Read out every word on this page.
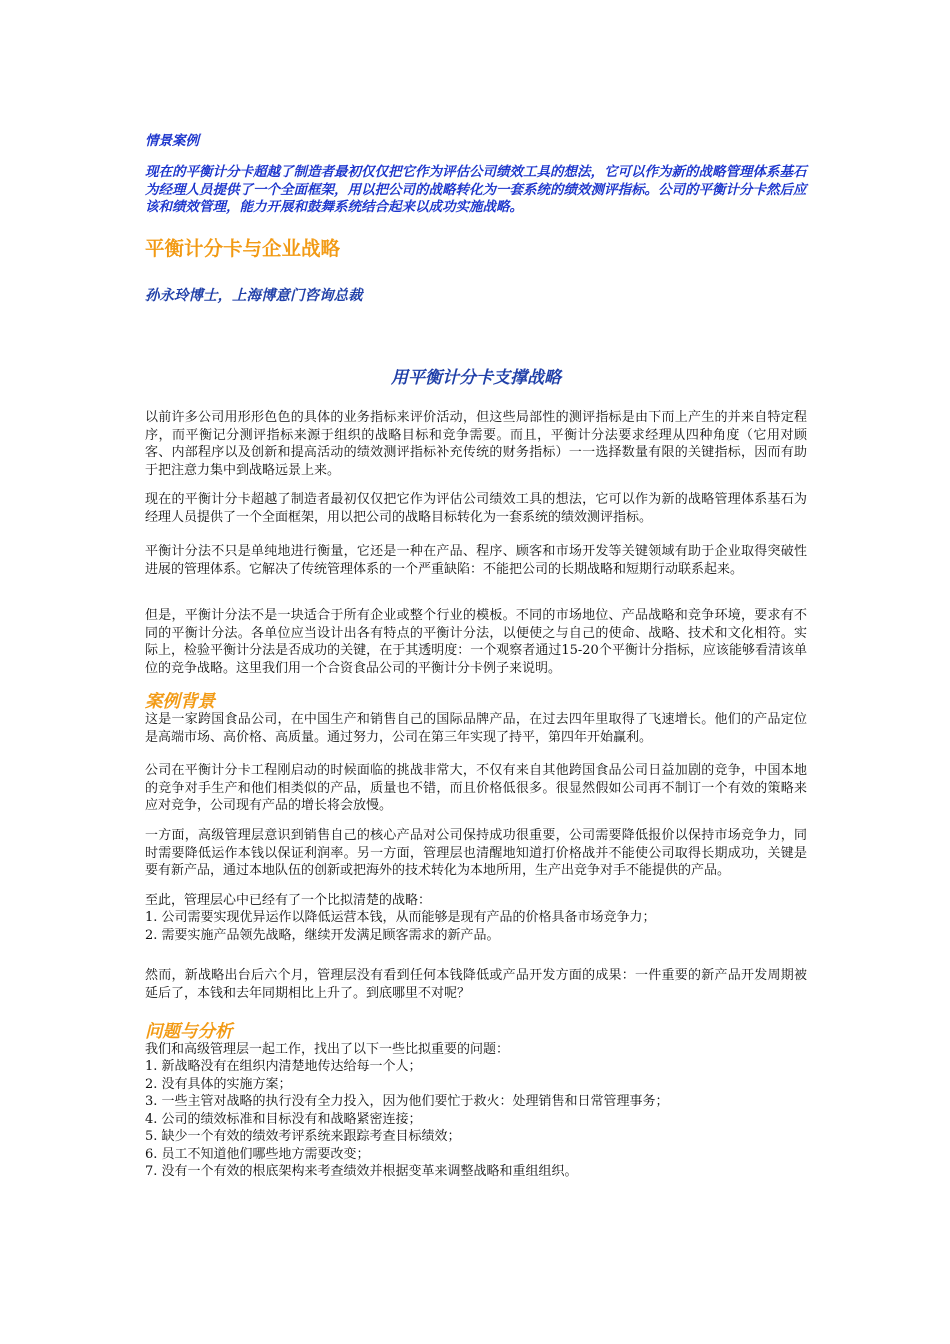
情景案例

现在的平衡计分卡超越了制造者最初仅仅把它作为评估公司绩效工具的想法，它可以作为新的战略管理体系基石为经理人员提供了一个全面框架，用以把公司的战略转化为一套系统的绩效测评指标。公司的平衡计分卡然后应该和绩效管理，能力开展和鼓舞系统结合起来以成功实施战略。

平衡计分卡与企业战略

孙永玲博士，上海博意门咨询总裁

用平衡计分卡支撑战略

以前许多公司用形形色色的具体的业务指标来评价活动，但这些局部性的测评指标是由下而上产生的并来自特定程序，而平衡记分测评指标来源于组织的战略目标和竞争需要。而且，平衡计分法要求经理从四种角度（它用对顾客、内部程序以及创新和提高活动的绩效测评指标补充传统的财务指标）一一选择数量有限的关键指标，因而有助于把注意力集中到战略远景上来。

现在的平衡计分卡超越了制造者最初仅仅把它作为评估公司绩效工具的想法，它可以作为新的战略管理体系基石为经理人员提供了一个全面框架，用以把公司的战略目标转化为一套系统的绩效测评指标。

平衡计分法不只是单纯地进行衡量，它还是一种在产品、程序、顾客和市场开发等关键领域有助于企业取得突破性进展的管理体系。它解决了传统管理体系的一个严重缺陷：不能把公司的长期战略和短期行动联系起来。

但是，平衡计分法不是一块适合于所有企业或整个行业的模板。不同的市场地位、产品战略和竞争环境，要求有不同的平衡计分法。各单位应当设计出各有特点的平衡计分法，以便使之与自己的使命、战略、技术和文化相符。实际上，检验平衡计分法是否成功的关键，在于其透明度：一个观察者通过15-20个平衡计分指标，应该能够看清该单位的竞争战略。这里我们用一个合资食品公司的平衡计分卡例子来说明。

案例背景

这是一家跨国食品公司，在中国生产和销售自己的国际品牌产品，在过去四年里取得了飞速增长。他们的产品定位是高端市场、高价格、高质量。通过努力，公司在第三年实现了持平，第四年开始赢利。

公司在平衡计分卡工程刚启动的时候面临的挑战非常大，不仅有来自其他跨国食品公司日益加剧的竞争，中国本地的竞争对手生产和他们相类似的产品，质量也不错，而且价格低很多。很显然假如公司再不制订一个有效的策略来应对竞争，公司现有产品的增长将会放慢。

一方面，高级管理层意识到销售自己的核心产品对公司保持成功很重要，公司需要降低报价以保持市场竞争力，同时需要降低运作本钱以保证利润率。另一方面，管理层也清醒地知道打价格战并不能使公司取得长期成功，关键是要有新产品，通过本地队伍的创新或把海外的技术转化为本地所用，生产出竞争对手不能提供的产品。

至此，管理层心中已经有了一个比拟清楚的战略：

1. 公司需要实现优异运作以降低运营本钱，从而能够是现有产品的价格具备市场竞争力；

2. 需要实施产品领先战略，继续开发满足顾客需求的新产品。

然而，新战略出台后六个月，管理层没有看到任何本钱降低或产品开发方面的成果：一件重要的新产品开发周期被延后了，本钱和去年同期相比上升了。到底哪里不对呢？

问题与分析

我们和高级管理层一起工作，找出了以下一些比拟重要的问题：

1. 新战略没有在组织内清楚地传达给每一个人；

2. 没有具体的实施方案；

3. 一些主管对战略的执行没有全力投入，因为他们要忙于救火：处理销售和日常管理事务；

4. 公司的绩效标准和目标没有和战略紧密连接；

5. 缺少一个有效的绩效考评系统来跟踪考查目标绩效；

6. 员工不知道他们哪些地方需要改变；

7. 没有一个有效的根底架构来考查绩效并根据变革来调整战略和重组组织。
